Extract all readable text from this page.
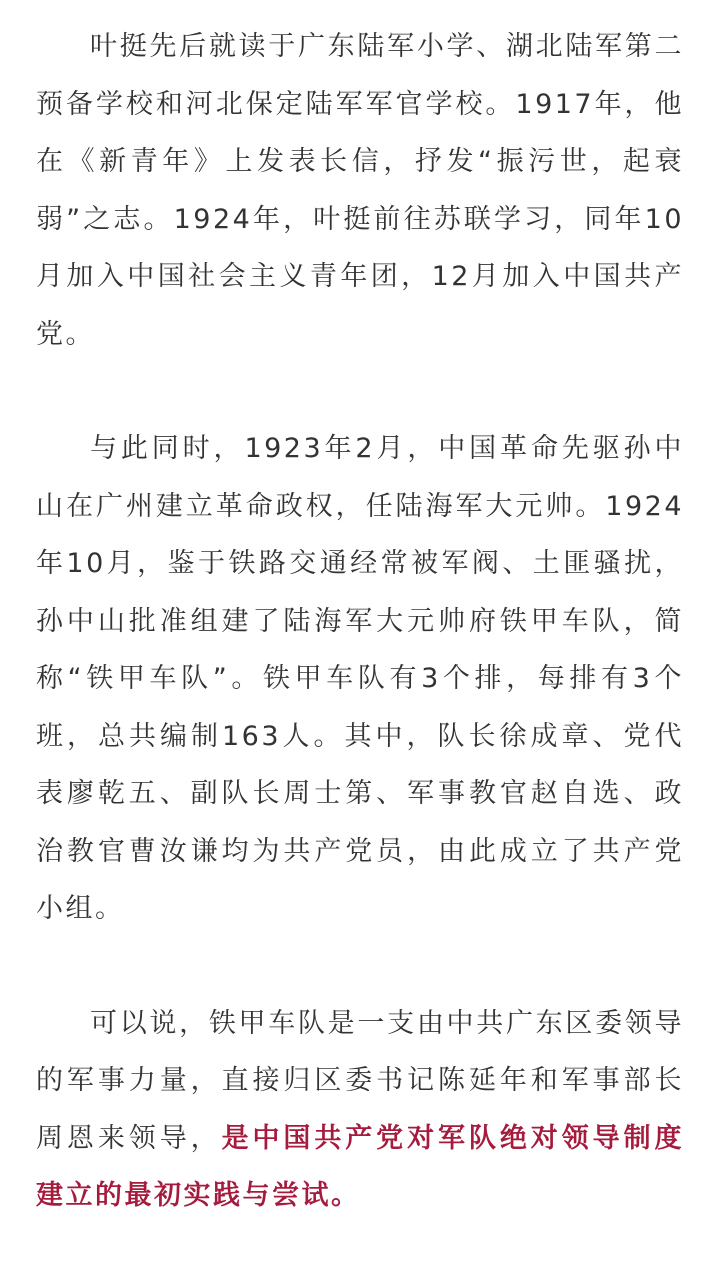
叶挺先后就读于广东陆军小学、湖北陆军第二预备学校和河北保定陆军军官学校。1917年，他在《新青年》上发表长信，抒发“振污世，起衰弱”之志。1924年，叶挺前往苏联学习，同年10月加入中国社会主义青年团，12月加入中国共产党。

与此同时，1923年2月，中国革命先驱孙中山在广州建立革命政权，任陆海军大元帅。1924年10月，鉴于铁路交通经常被军阀、土匪骚扰，孙中山批准组建了陆海军大元帅府铁甲车队，简称“铁甲车队”。铁甲车队有3个排，每排有3个班，总共编制163人。其中，队长徐成章、党代表廖乾五、副队长周士第、军事教官赵自选、政治教官曹汝谦均为共产党员，由此成立了共产党小组。

可以说，铁甲车队是一支由中共广东区委领导的军事力量，直接归区委书记陈延年和军事部长周恩来领导，是中国共产党对军队绝对领导制度建立的最初实践与尝试。
